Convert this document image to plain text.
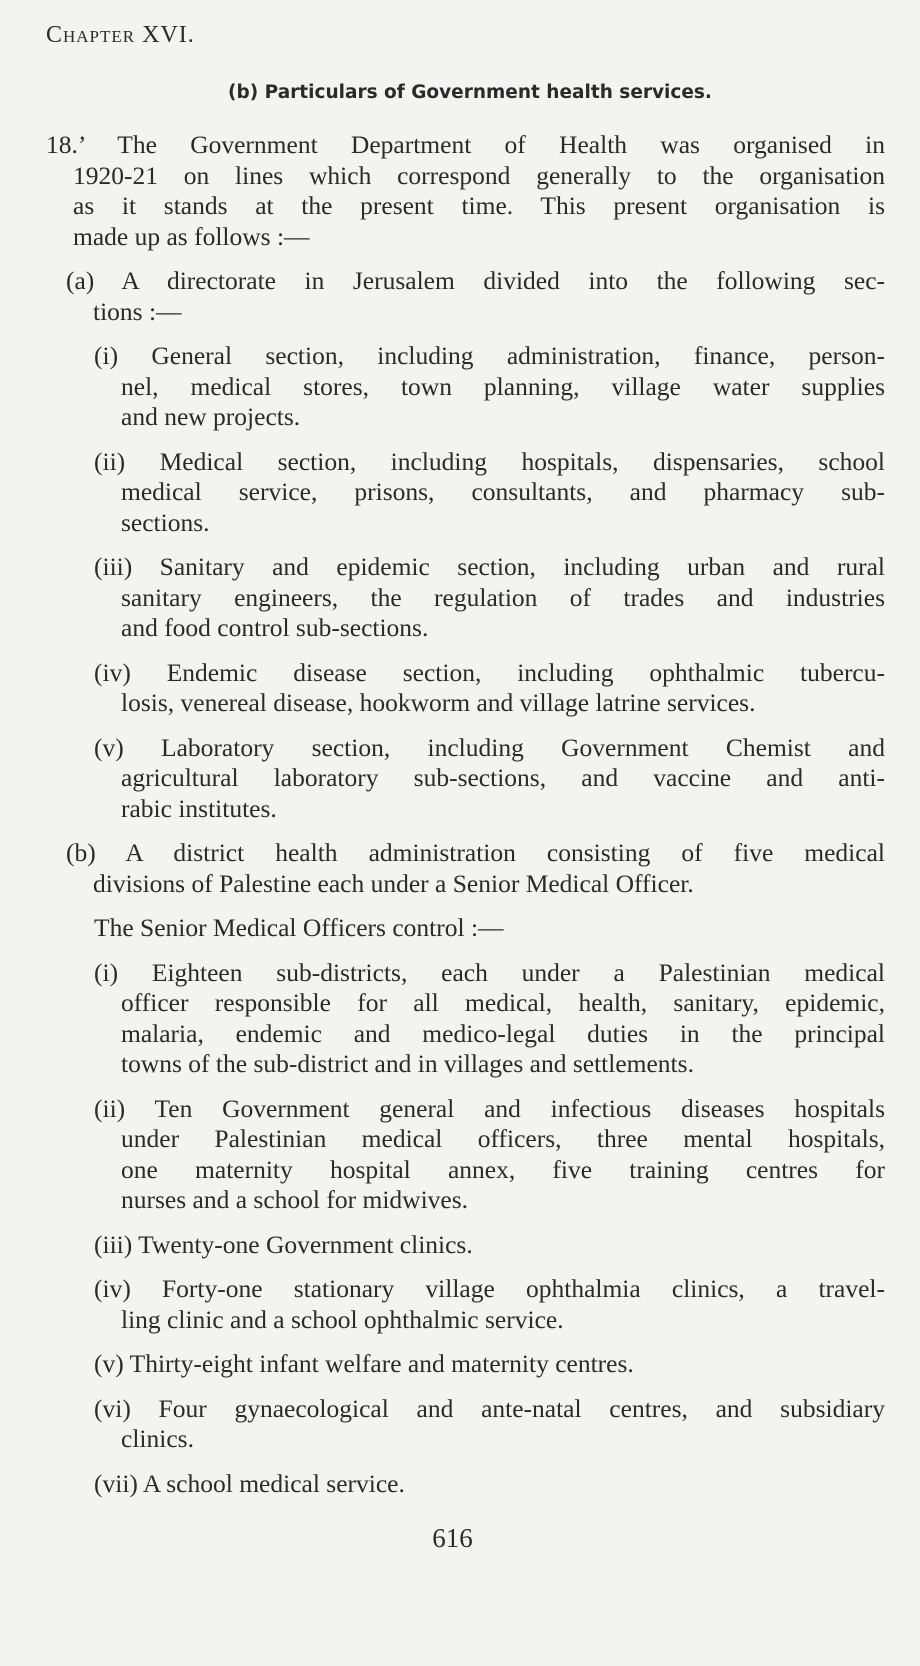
Chapter XVI.
(b) Particulars of Government health services.
18.’ The Government Department of Health was organised in
1920-21 on lines which correspond generally to the organisation
as it stands at the present time. This present organisation is
made up as follows :—
(a) A directorate in Jerusalem divided into the following sec-
tions :—
(i) General section, including administration, finance, person-
nel, medical stores, town planning, village water supplies
and new projects.
(ii) Medical section, including hospitals, dispensaries, school
medical service, prisons, consultants, and pharmacy sub-
sections.
(iii) Sanitary and epidemic section, including urban and rural
sanitary engineers, the regulation of trades and industries
and food control sub-sections.
(iv) Endemic disease section, including ophthalmic tubercu-
losis, venereal disease, hookworm and village latrine services.
(v) Laboratory section, including Government Chemist and
agricultural laboratory sub-sections, and vaccine and anti-
rabic institutes.
(b) A district health administration consisting of five medical
divisions of Palestine each under a Senior Medical Officer.
The Senior Medical Officers control :—
(i) Eighteen sub-districts, each under a Palestinian medical
officer responsible for all medical, health, sanitary, epidemic,
malaria, endemic and medico-legal duties in the principal
towns of the sub-district and in villages and settlements.
(ii) Ten Government general and infectious diseases hospitals
under Palestinian medical officers, three mental hospitals,
one maternity hospital annex, five training centres for
nurses and a school for midwives.
(iii) Twenty-one Government clinics.
(iv) Forty-one stationary village ophthalmia clinics, a travel-
ling clinic and a school ophthalmic service.
(v) Thirty-eight infant welfare and maternity centres.
(vi) Four gynaecological and ante-natal centres, and subsidiary
clinics.
(vii) A school medical service.
616
